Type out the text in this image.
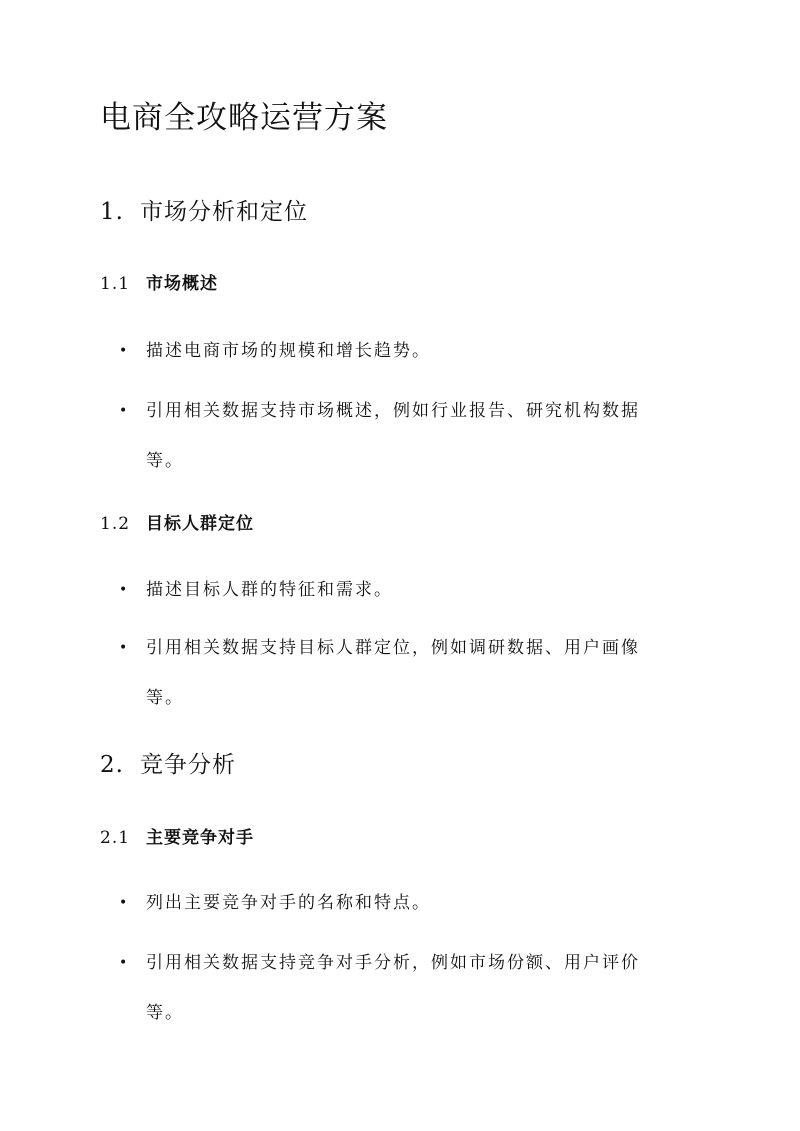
电商全攻略运营方案
1. 市场分析和定位
1.1 市场概述
• 描述电商市场的规模和增长趋势。
• 引用相关数据支持市场概述，例如行业报告、研究机构数据
等。
1.2 目标人群定位
• 描述目标人群的特征和需求。
• 引用相关数据支持目标人群定位，例如调研数据、用户画像
等。
2. 竞争分析
2.1 主要竞争对手
• 列出主要竞争对手的名称和特点。
• 引用相关数据支持竞争对手分析，例如市场份额、用户评价
等。
